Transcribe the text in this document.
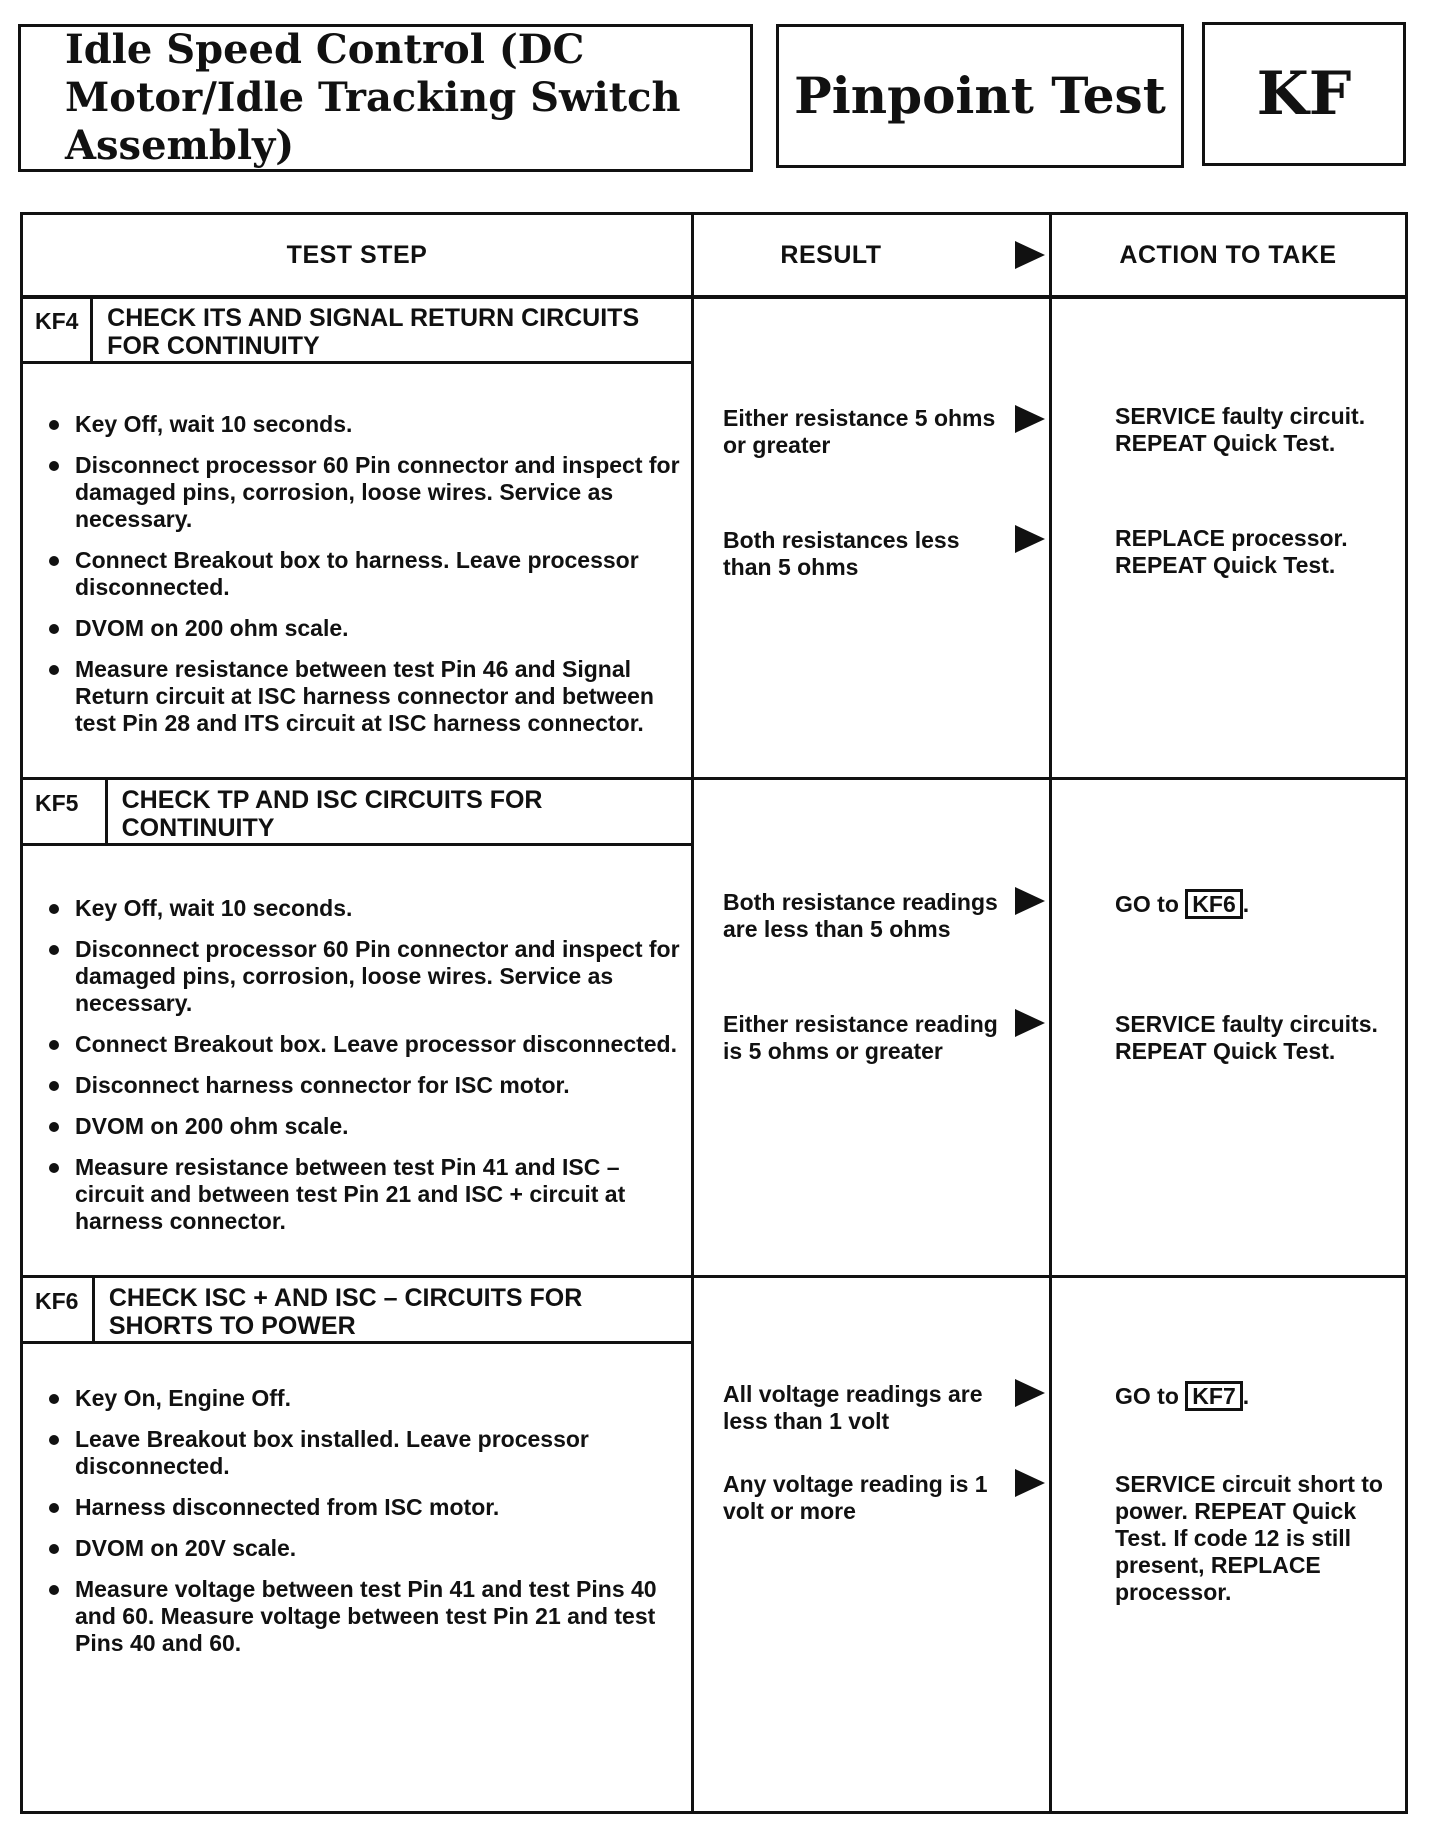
Idle Speed Control (DC Motor/Idle Tracking Switch Assembly)
Pinpoint Test	KF
TEST STEP	RESULT	ACTION TO TAKE
KF4	CHECK ITS AND SIGNAL RETURN CIRCUITS FOR CONTINUITY
Key Off, wait 10 seconds.
Disconnect processor 60 Pin connector and inspect for damaged pins, corrosion, loose wires. Service as necessary.
Connect Breakout box to harness. Leave processor disconnected.
DVOM on 200 ohm scale.
Measure resistance between test Pin 46 and Signal Return circuit at ISC harness connector and between test Pin 28 and ITS circuit at ISC harness connector.
Either resistance 5 ohms or greater
SERVICE faulty circuit. REPEAT Quick Test.
Both resistances less than 5 ohms
REPLACE processor. REPEAT Quick Test.
KF5	CHECK TP AND ISC CIRCUITS FOR CONTINUITY
Key Off, wait 10 seconds.
Disconnect processor 60 Pin connector and inspect for damaged pins, corrosion, loose wires. Service as necessary.
Connect Breakout box. Leave processor disconnected.
Disconnect harness connector for ISC motor.
DVOM on 200 ohm scale.
Measure resistance between test Pin 41 and ISC – circuit and between test Pin 21 and ISC + circuit at harness connector.
Both resistance readings are less than 5 ohms
GO to KF6 .
Either resistance reading is 5 ohms or greater
SERVICE faulty circuits. REPEAT Quick Test.
KF6	CHECK ISC + AND ISC – CIRCUITS FOR SHORTS TO POWER
Key On, Engine Off.
Leave Breakout box installed. Leave processor disconnected.
Harness disconnected from ISC motor.
DVOM on 20V scale.
Measure voltage between test Pin 41 and test Pins 40 and 60. Measure voltage between test Pin 21 and test Pins 40 and 60.
All voltage readings are less than 1 volt
GO to KF7 .
Any voltage reading is 1 volt or more
SERVICE circuit short to power. REPEAT Quick Test. If code 12 is still present, REPLACE processor.
